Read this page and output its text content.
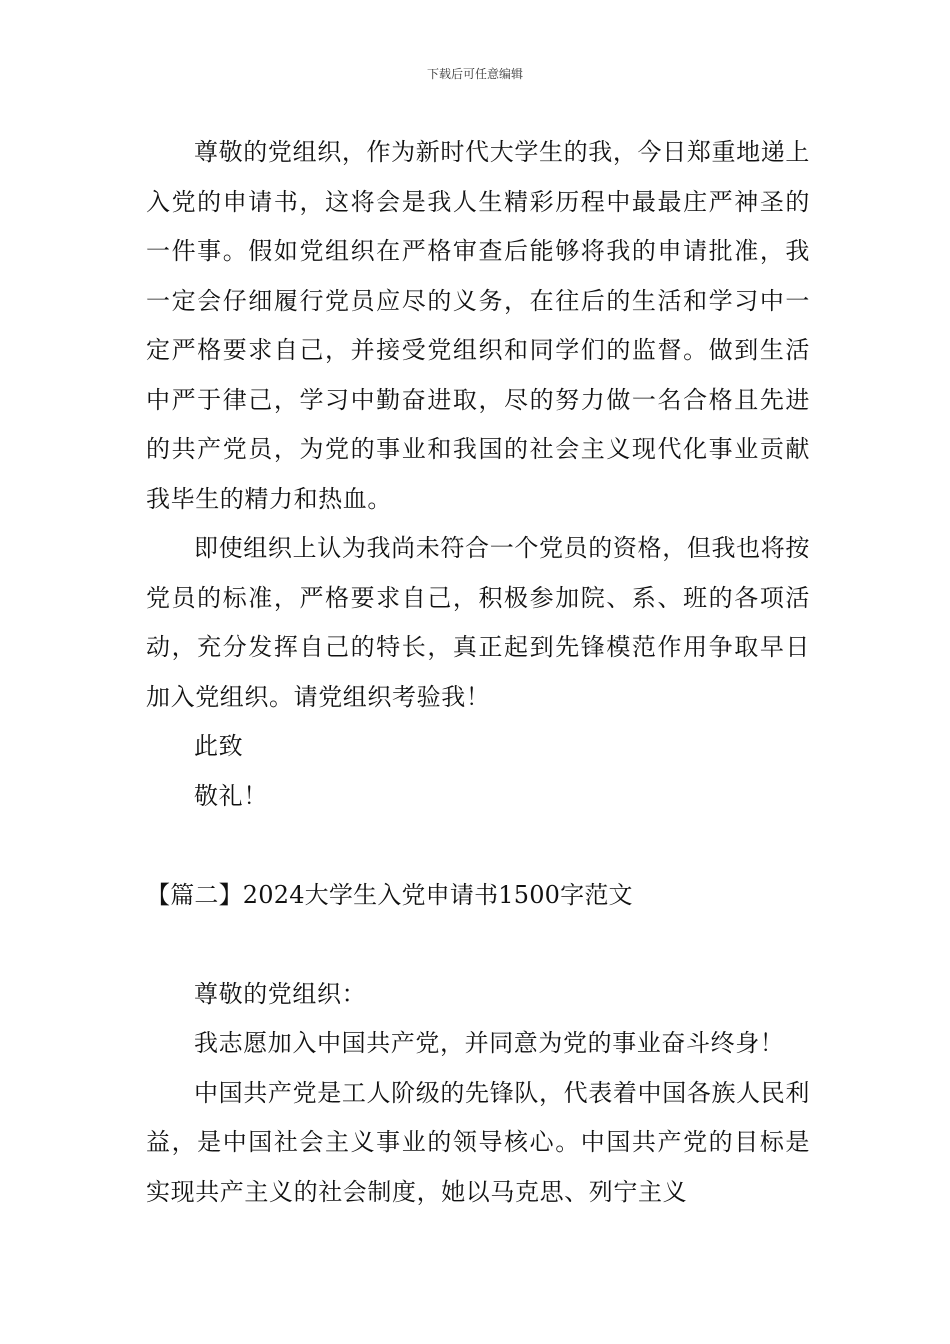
下载后可任意编辑

尊敬的党组织，作为新时代大学生的我，今日郑重地递上入党的申请书，这将会是我人生精彩历程中最最庄严神圣的一件事。假如党组织在严格审查后能够将我的申请批准，我一定会仔细履行党员应尽的义务，在往后的生活和学习中一定严格要求自己，并接受党组织和同学们的监督。做到生活中严于律己，学习中勤奋进取，尽的努力做一名合格且先进的共产党员，为党的事业和我国的社会主义现代化事业贡献我毕生的精力和热血。

即使组织上认为我尚未符合一个党员的资格，但我也将按党员的标准，严格要求自己，积极参加院、系、班的各项活动，充分发挥自己的特长，真正起到先锋模范作用争取早日加入党组织。请党组织考验我！

此致

敬礼！

【篇二】2024大学生入党申请书1500字范文

尊敬的党组织：

我志愿加入中国共产党，并同意为党的事业奋斗终身！

中国共产党是工人阶级的先锋队，代表着中国各族人民利益，是中国社会主义事业的领导核心。中国共产党的目标是实现共产主义的社会制度，她以马克思、列宁主义
